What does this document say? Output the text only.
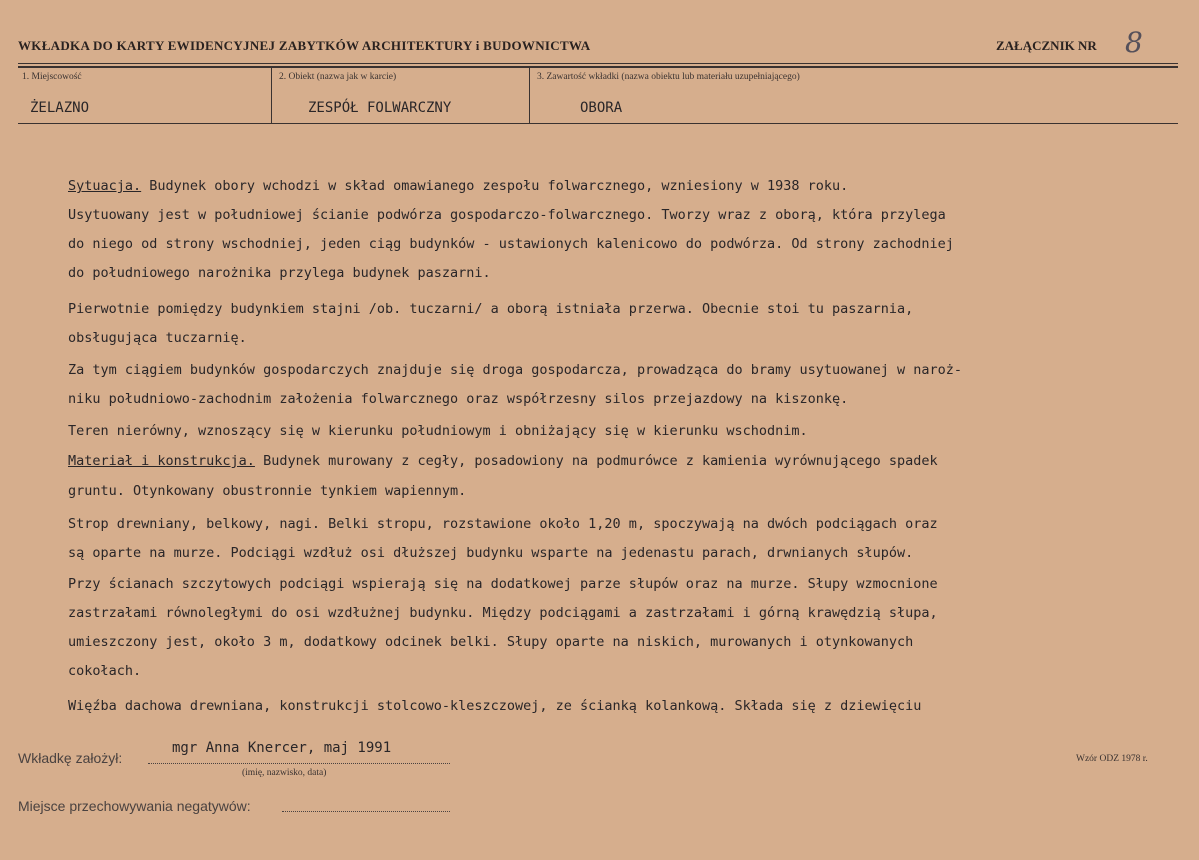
WKŁADKA DO KARTY EWIDENCYJNEJ ZABYTKÓW ARCHITEKTURY i BUDOWNICTWA	ZAŁĄCZNIK NR 8
1. Miejscowość
ŻELAZNO
2. Obiekt (nazwa jak w karcie)
ZESPÓŁ FOLWARCZNY
3. Zawartość wkładki (nazwa obiektu lub materiału uzupełniającego)
OBORA
Sytuacja. Budynek obory wchodzi w skład omawianego zespołu folwarcznego, wzniesiony w 1938 roku.
Usytuowany jest w południowej ścianie podwórza gospodarczo-folwarcznego. Tworzy wraz z oborą, która przylega
do niego od strony wschodniej, jeden ciąg budynków - ustawionych kalenicowo do podwórza. Od strony zachodniej
do południowego narożnika przylega budynek paszarni.
Pierwotnie pomiędzy budynkiem stajni /ob. tuczarni/ a oborą istniała przerwa. Obecnie stoi tu paszarnia,
obsługująca tuczarnię.
Za tym ciągiem budynków gospodarczych znajduje się droga gospodarcza, prowadząca do bramy usytuowanej w naroż-
niku południowo-zachodnim założenia folwarcznego oraz współrzesny silos przejazdowy na kiszonkę.
Teren nierówny, wznoszący się w kierunku południowym i obniżający się w kierunku wschodnim.
Materiał i konstrukcja. Budynek murowany z cegły, posadowiony na podmurówce z kamienia wyrównującego spadek
gruntu. Otynkowany obustronnie tynkiem wapiennym.
Strop drewniany, belkowy, nagi. Belki stropu, rozstawione około 1,20 m, spoczywają na dwóch podciągach oraz
są oparte na murze. Podciągi wzdłuż osi dłuższej budynku wsparte na jedenastu parach, drwnianych słupów.
Przy ścianach szczytowych podciągi wspierają się na dodatkowej parze słupów oraz na murze. Słupy wzmocnione
zastrzałami równoległymi do osi wzdłużnej budynku. Między podciągami a zastrzałami i górną krawędzią słupa,
umieszczony jest, około 3 m, dodatkowy odcinek belki. Słupy oparte na niskich, murowanych i otynkowanych
cokołach.
Więźba dachowa drewniana, konstrukcji stolcowo-kleszczowej, ze ścianką kolankową. Składa się z dziewięciu
Wkładkę założył:
mgr Anna Knercer, maj 1991
(imię, nazwisko, data)
Wzór ODZ 1978 r.
Miejsce przechowywania negatywów:
